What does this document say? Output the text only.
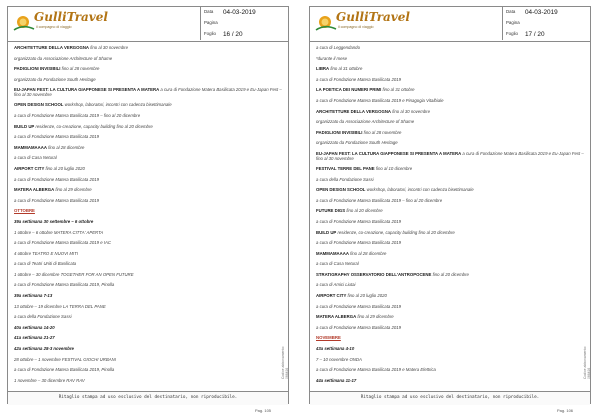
GulliTravel
il compagno di viaggio
Data 04-03-2019
Pagina
Foglio 16 / 20
ARCHITETTURE DELLA VERGOGNA fino al 30 novembre
organizzato da Associazione Architecture of Shame
PADIGLIONI INVISIBILI fino al 28 novembre
organizzato da Fondazione South Heritage
EU-JAPAN FEST: LA CULTURA GIAPPONESE SI PRESENTA A MATERA a cura di Fondazione Matera Basilicata 2019 e Eu-Japan Fest – fino al 30 novembre
OPEN DESIGN SCHOOL workshop, laboratori, incontri con cadenza bisettimanale
a cura di Fondazione Matera Basilicata 2019 – fino al 20 dicembre
BUILD UP residenze, co-creazione, capacity building fino al 20 dicembre
a cura di Fondazione Matera Basilicata 2019
MAMMAMAAAA fino al 28 dicembre
a cura di Casa Netural
AIRPORT CITY fino al 20 luglio 2020
a cura di Fondazione Matera Basilicata 2019
MATERA ALBERGA fino al 29 dicembre
a cura di Fondazione Matera Basilicata 2019
OTTOBRE
39a settimana 30 settembre – 6 ottobre
1 ottobre – 6 ottobre MATERA CITTA' APERTA
a cura di Fondazione Matera Basilicata 2019 e IAC
4 ottobre TEATRO E NUOVI MITI
a cura di Teatri Uniti di Basilicata
1 ottobre – 30 dicembre TOGETHER FOR AN OPEN FUTURE
a cura di Fondazione Matera Basilicata 2019, Pinolla
39a settimana 7-13
13 ottobre – 19 dicembre LA TERRA DEL PANE
a cura della Fondazione Sassi
40a settimana 14-20
41a settimana 21-27
42a settimana 28-3 novembre
28 ottobre – 1 novembre FESTIVAL GIOCHI URBANI
a cura di Fondazione Matera Basilicata 2019, Pinolla
1 novembre – 30 dicembre RAV RAV
Codice abbonamento: 066416
Ritaglio stampa ad uso esclusivo del destinatario, non riproducibile.
Pag. 105
GulliTravel
il compagno di viaggio
Data 04-03-2019
Pagina
Foglio 17 / 20
a cura di Leggendando
*durante il mese
LIBRA fino al 31 ottobre
a cura di Fondazione Matera Basilicata 2019
LA POETICA DEI NUMERI PRIMI fino al 31 ottobre
a cura di Fondazione Matera Basilicata 2019 e Pinagogia Vitalbiale
ARCHITETTURE DELLA VERGOGNA fino al 30 novembre
organizzato da Associazione Architecture of Shame
PADIGLIONI INVISIBILI fino al 28 novembre
organizzato da Fondazione South Heritage
EU-JAPAN FEST: LA CULTURA GIAPPONESE SI PRESENTA A MATERA a cura di Fondazione Matera Basilicata 2019 e Eu-Japan Fest – fino al 30 novembre
FESTIVAL TERRE DEL PANE fino al 10 dicembre
a cura della Fondazione Sassi
OPEN DESIGN SCHOOL workshop, laboratori, incontri con cadenza bisettimanale
a cura di Fondazione Matera Basilicata 2019 – fino al 20 dicembre
FUTURE DIGS fino al 20 dicembre
a cura di Fondazione Matera Basilicata 2019
BUILD UP residenze, co-creazione, capacity building fino al 20 dicembre
a cura di Fondazione Matera Basilicata 2019
MAMMAMAAAA fino al 28 dicembre
a cura di Casa Netural
STRATIGRAPHY OSSERVATORIO DELL'ANTROPOCENE fino al 20 dicembre
a cura di Amici Liutai
AIRPORT CITY fino al 20 luglio 2020
a cura di Fondazione Matera Basilicata 2019
MATERA ALBERGA fino al 29 dicembre
a cura di Fondazione Matera Basilicata 2019
NOVEMBRE
43a settimana 4-10
7 – 10 novembre ONDA
a cura di Fondazione Matera Basilicata 2019 e Matera Elettrica
44a settimana 11-17
Codice abbonamento: 066416
Ritaglio stampa ad uso esclusivo del destinatario, non riproducibile.
Pag. 106
